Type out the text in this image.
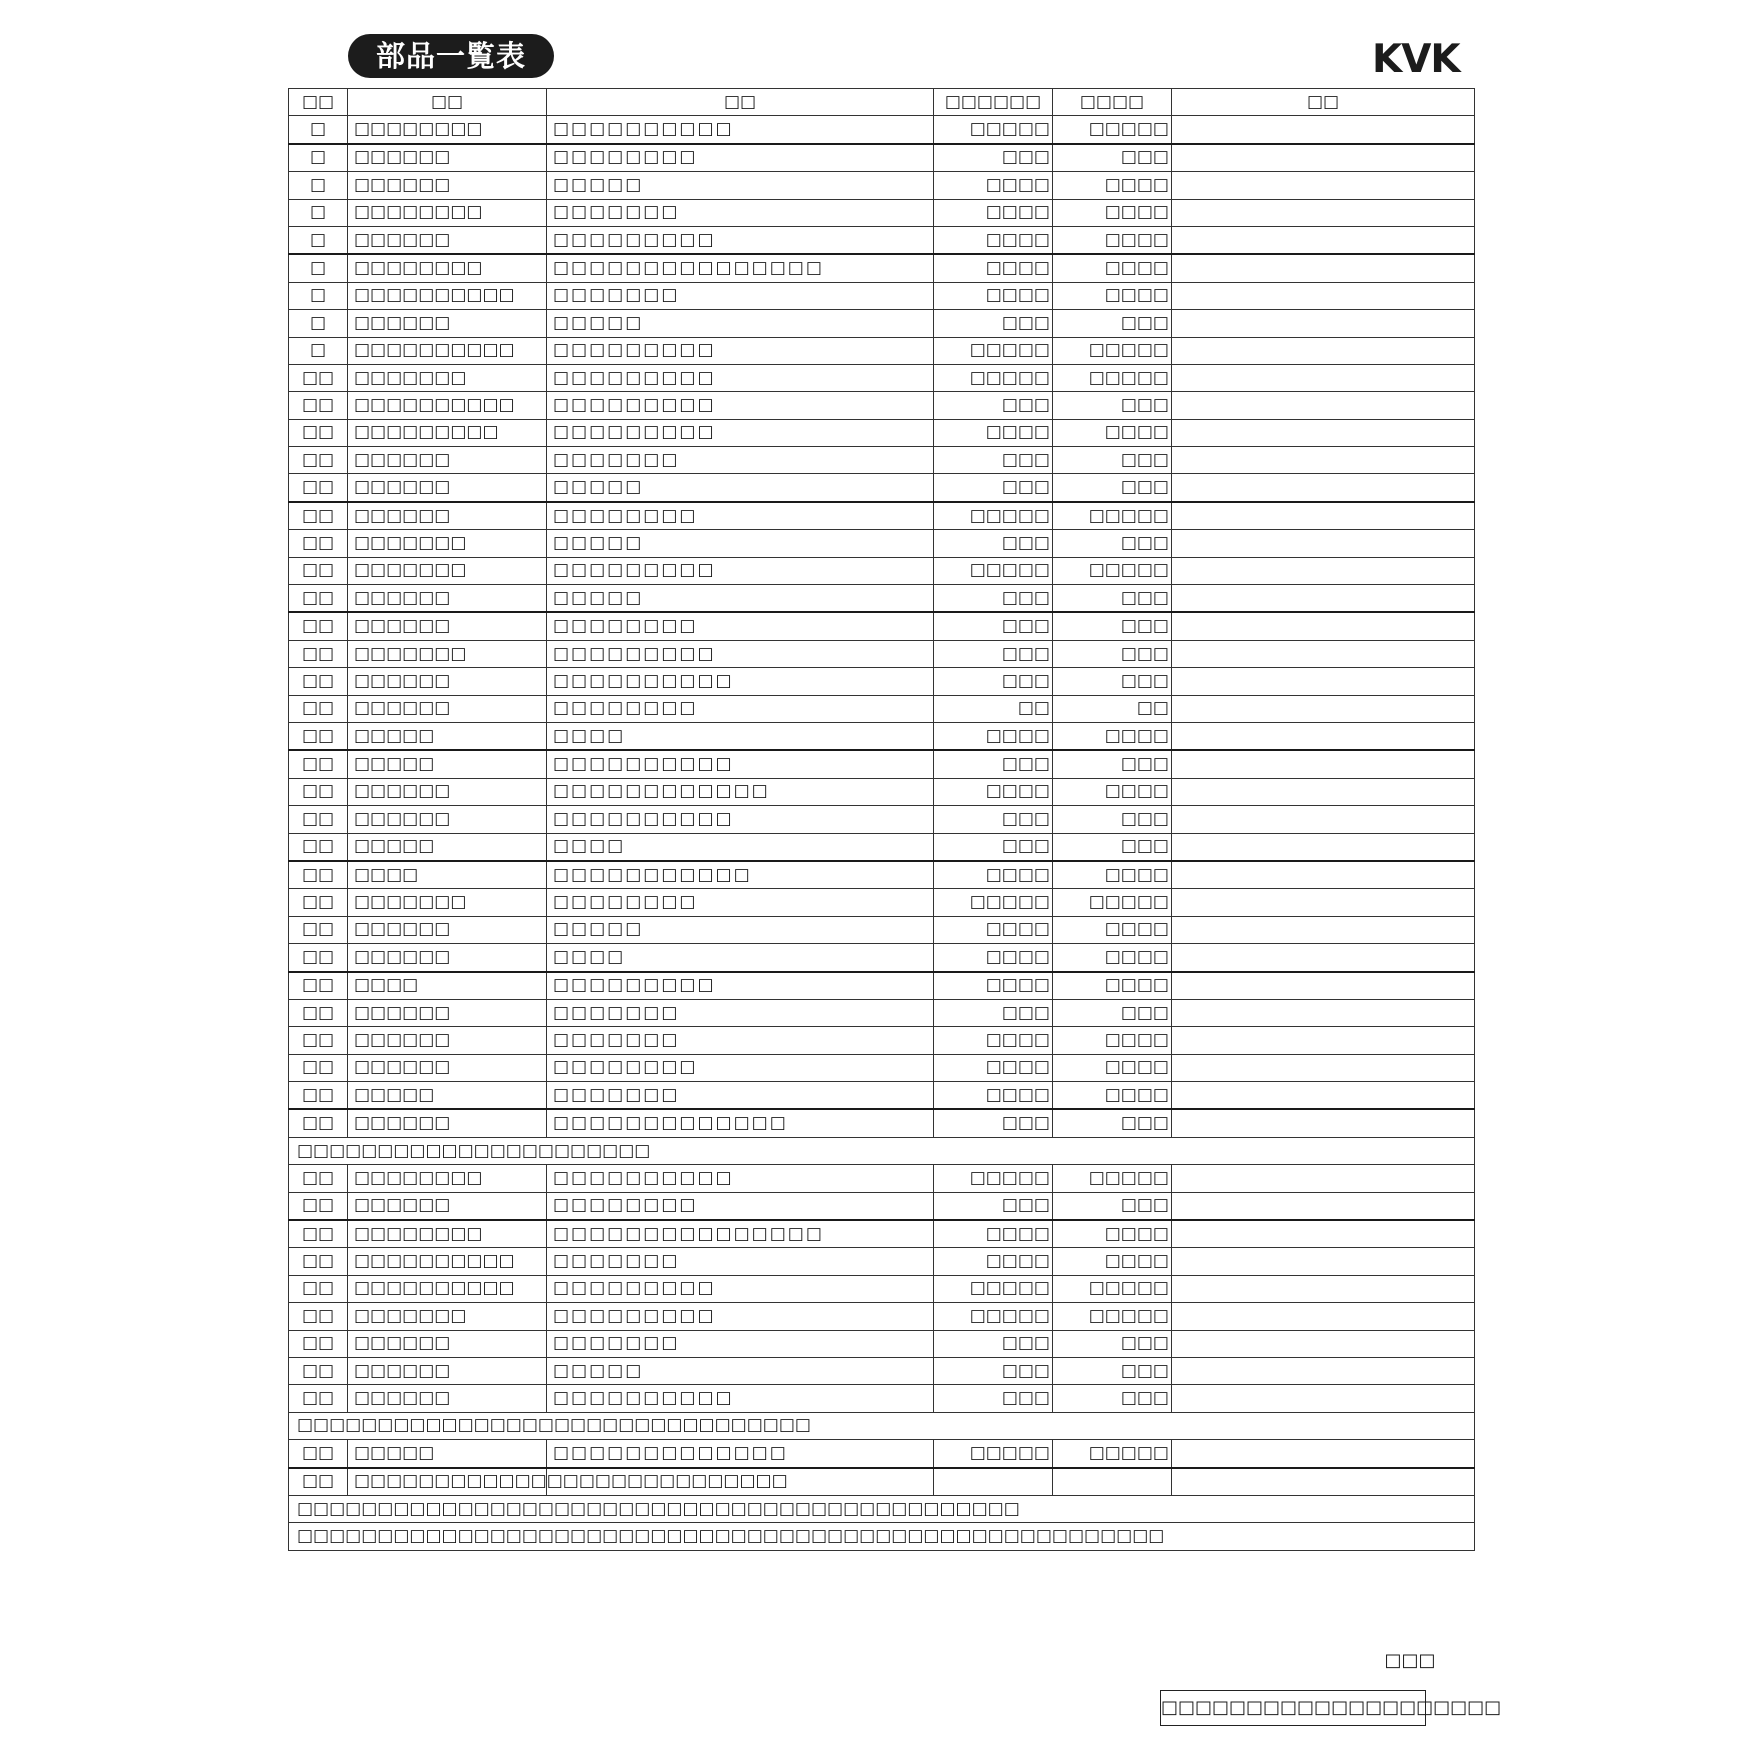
部品一覧表	KVK
□□	□□	□□	□□□□□□	□□□□	□□
□	□□□□□□□□	□□□□□□□□□□	□□□□□	□□□□□	
□	□□□□□□	□□□□□□□□	□□□	□□□	
□	□□□□□□	□□□□□	□□□□	□□□□	
□	□□□□□□□□	□□□□□□□	□□□□	□□□□	
□	□□□□□□	□□□□□□□□□	□□□□	□□□□	
□	□□□□□□□□	□□□□□□□□□□□□□□□	□□□□	□□□□	
□	□□□□□□□□□□	□□□□□□□	□□□□	□□□□	
□	□□□□□□	□□□□□	□□□	□□□	
□	□□□□□□□□□□	□□□□□□□□□	□□□□□	□□□□□	
□□	□□□□□□□	□□□□□□□□□	□□□□□	□□□□□	
□□	□□□□□□□□□□	□□□□□□□□□	□□□	□□□	
□□	□□□□□□□□□	□□□□□□□□□	□□□□	□□□□	
□□	□□□□□□	□□□□□□□	□□□	□□□	
□□	□□□□□□	□□□□□	□□□	□□□	
□□	□□□□□□	□□□□□□□□	□□□□□	□□□□□	
□□	□□□□□□□	□□□□□	□□□	□□□	
□□	□□□□□□□	□□□□□□□□□	□□□□□	□□□□□	
□□	□□□□□□	□□□□□	□□□	□□□	
□□	□□□□□□	□□□□□□□□	□□□	□□□	
□□	□□□□□□□	□□□□□□□□□	□□□	□□□	
□□	□□□□□□	□□□□□□□□□□	□□□	□□□	
□□	□□□□□□	□□□□□□□□	□□	□□	
□□	□□□□□	□□□□	□□□□	□□□□	
□□	□□□□□	□□□□□□□□□□	□□□	□□□	
□□	□□□□□□	□□□□□□□□□□□□	□□□□	□□□□	
□□	□□□□□□	□□□□□□□□□□	□□□	□□□	
□□	□□□□□	□□□□	□□□	□□□	
□□	□□□□	□□□□□□□□□□□	□□□□	□□□□	
□□	□□□□□□□	□□□□□□□□	□□□□□	□□□□□	
□□	□□□□□□	□□□□□	□□□□	□□□□	
□□	□□□□□□	□□□□	□□□□	□□□□	
□□	□□□□	□□□□□□□□□	□□□□	□□□□	
□□	□□□□□□	□□□□□□□	□□□	□□□	
□□	□□□□□□	□□□□□□□	□□□□	□□□□	
□□	□□□□□□	□□□□□□□□	□□□□	□□□□	
□□	□□□□□	□□□□□□□	□□□□	□□□□	
□□	□□□□□□	□□□□□□□□□□□□□	□□□	□□□	
□□□□□□□□□□□□□□□□□□□□□□					
□□	□□□□□□□□	□□□□□□□□□□	□□□□□	□□□□□	
□□	□□□□□□	□□□□□□□□	□□□	□□□	
□□	□□□□□□□□	□□□□□□□□□□□□□□□	□□□□	□□□□	
□□	□□□□□□□□□□	□□□□□□□	□□□□	□□□□	
□□	□□□□□□□□□□	□□□□□□□□□	□□□□□	□□□□□	
□□	□□□□□□□	□□□□□□□□□	□□□□□	□□□□□	
□□	□□□□□□	□□□□□□□	□□□	□□□	
□□	□□□□□□	□□□□□	□□□	□□□	
□□	□□□□□□	□□□□□□□□□□	□□□	□□□	
□□□□□□□□□□□□□□□□□□□□□□□□□□□□□□□□					
□□	□□□□□	□□□□□□□□□□□□□	□□□□□	□□□□□	
□□	□□□□□□□□□□□□□□□□□□□□□□□□□□□				
□□□□□□□□□□□□□□□□□□□□□□□□□□□□□□□□□□□□□□□□□□□□□					
□□□□□□□□□□□□□□□□□□□□□□□□□□□□□□□□□□□□□□□□□□□□□□□□□□□□□□					
□□□
□□□□□□□□□□□□□□□□□□□□
